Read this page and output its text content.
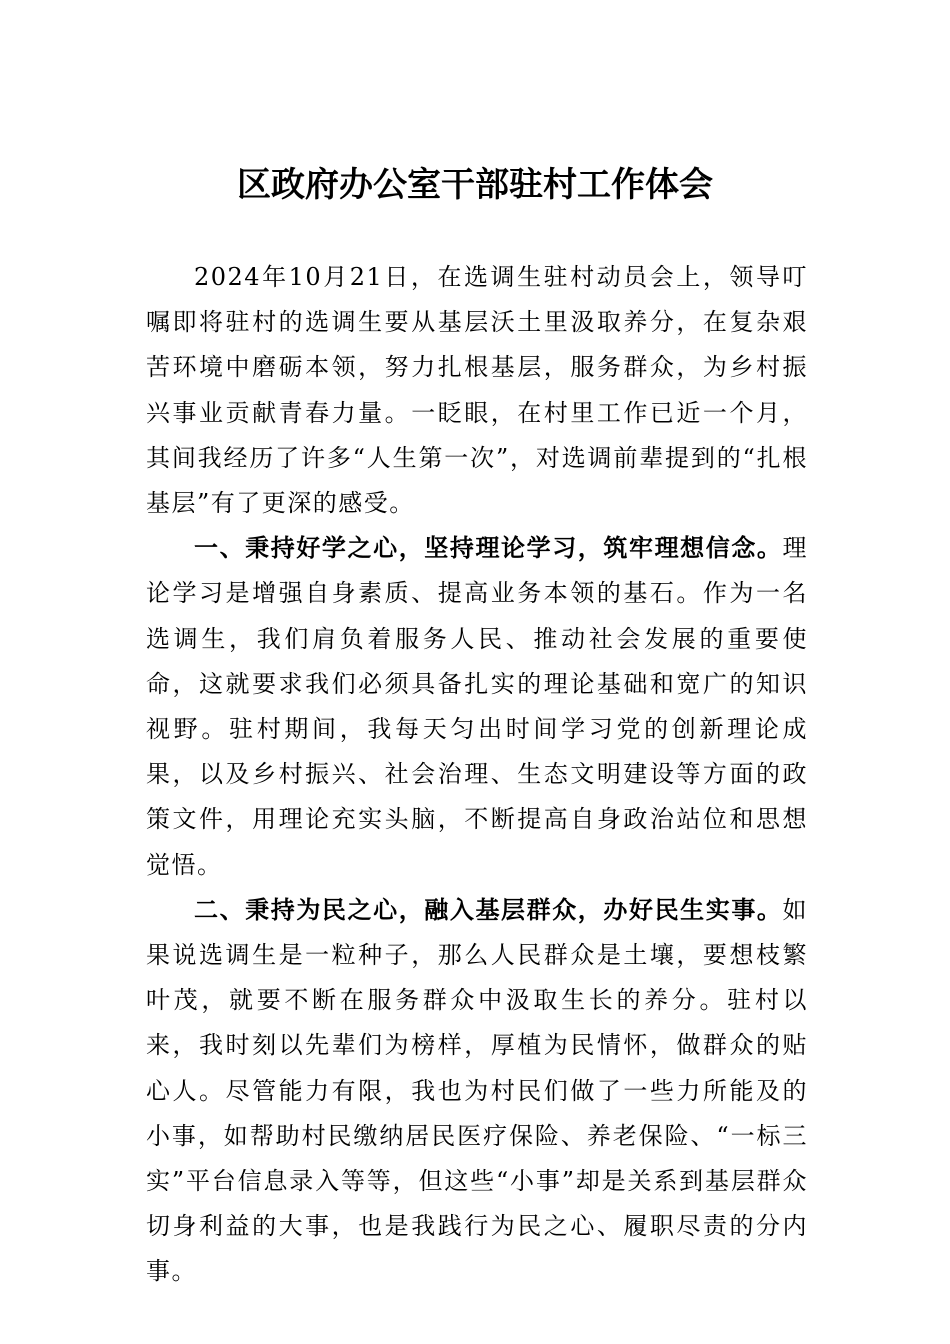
区政府办公室干部驻村工作体会

2024年10月21日，在选调生驻村动员会上，领导叮嘱即将驻村的选调生要从基层沃土里汲取养分，在复杂艰苦环境中磨砺本领，努力扎根基层，服务群众，为乡村振兴事业贡献青春力量。一眨眼，在村里工作已近一个月，其间我经历了许多“人生第一次”，对选调前辈提到的“扎根基层”有了更深的感受。

一、秉持好学之心，坚持理论学习，筑牢理想信念。理论学习是增强自身素质、提高业务本领的基石。作为一名选调生，我们肩负着服务人民、推动社会发展的重要使命，这就要求我们必须具备扎实的理论基础和宽广的知识视野。驻村期间，我每天匀出时间学习党的创新理论成果，以及乡村振兴、社会治理、生态文明建设等方面的政策文件，用理论充实头脑，不断提高自身政治站位和思想觉悟。

二、秉持为民之心，融入基层群众，办好民生实事。如果说选调生是一粒种子，那么人民群众是土壤，要想枝繁叶茂，就要不断在服务群众中汲取生长的养分。驻村以来，我时刻以先辈们为榜样，厚植为民情怀，做群众的贴心人。尽管能力有限，我也为村民们做了一些力所能及的小事，如帮助村民缴纳居民医疗保险、养老保险、“一标三实”平台信息录入等等，但这些“小事”却是关系到基层群众切身利益的大事，也是我践行为民之心、履职尽责的分内事。
